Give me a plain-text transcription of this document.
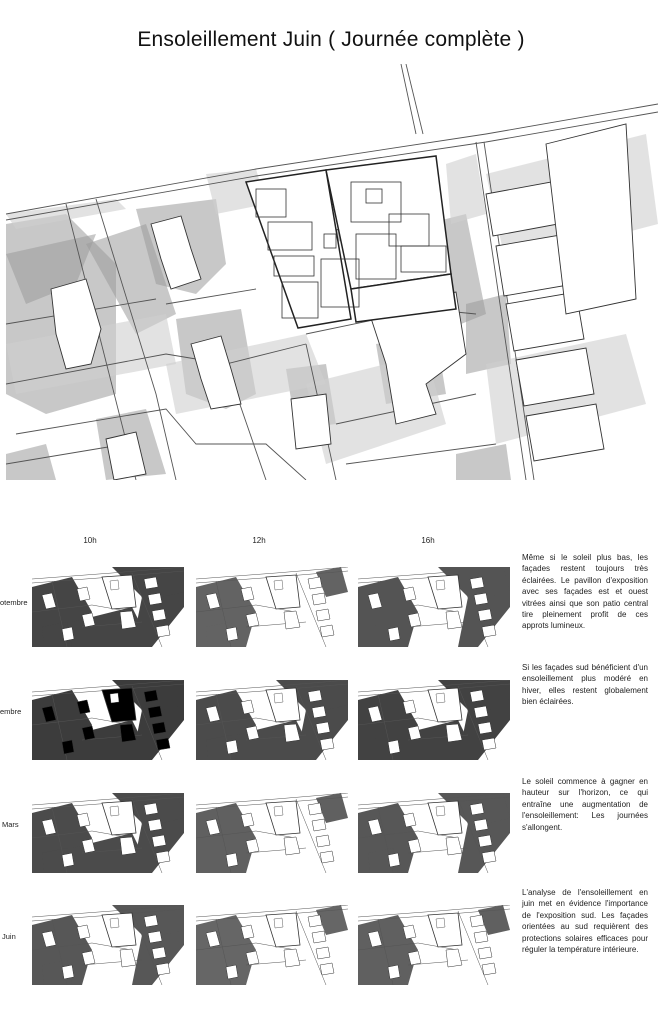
Ensoleillement Juin ( Journée complète )
10h	12h	16h
otembre
embre
Mars
Juin
Même si le soleil plus bas, les façades restent toujours très éclairées. Le pavillon d'exposition avec ses façades est et ouest vitrées ainsi que son patio central tire pleinement profit de ces approts lumineux.
Si les façades sud bénéficient d'un ensoleillement plus modéré en hiver, elles restent globalement bien éclairées.
Le soleil commence à gagner en hauteur sur l'horizon, ce qui entraîne une augmentation de l'ensoleillement: Les journées s'allongent.
L'analyse de l'ensoleillement en juin met en évidence l'importance de l'exposition sud. Les façades orientées au sud requièrent des protections solaires efficaces pour réguler la température intérieure.
